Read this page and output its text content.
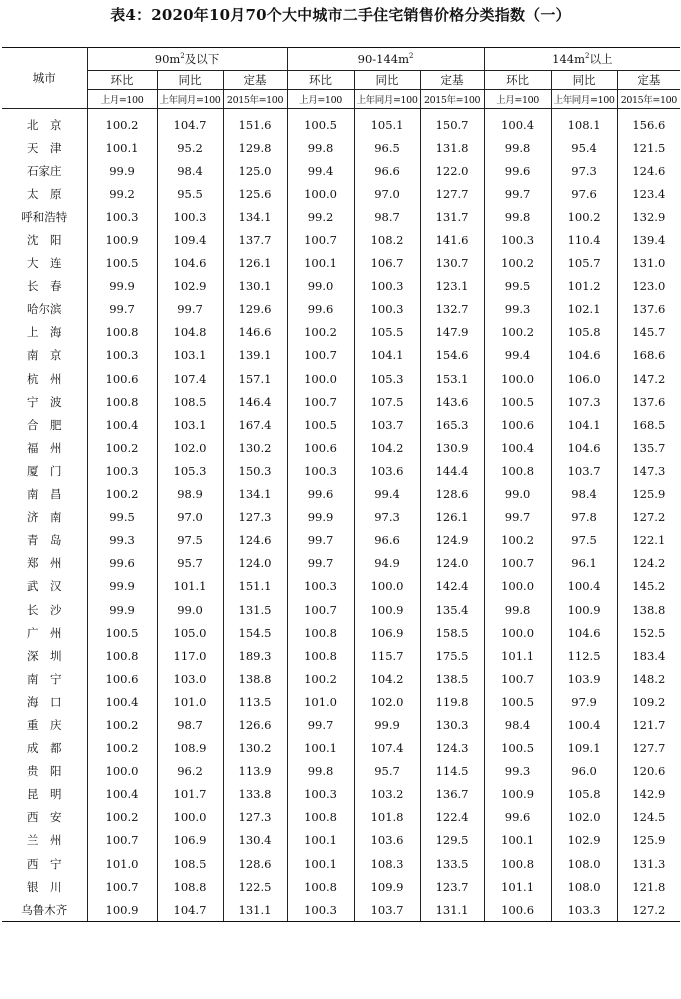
表4：2020年10月70个大中城市二手住宅销售价格分类指数（一）
城市	$90m^2$及以下			$90-144m^2$			$144m^2$以上		
	环比	同比	定基	环比	同比	定基	环比	同比	定基
	上月=100	上年同月=100	2015年=100	上月=100	上年同月=100	2015年=100	上月=100	上年同月=100	2015年=100
北　京	100.2	104.7	151.6	100.5	105.1	150.7	100.4	108.1	156.6
天　津	100.1	95.2	129.8	99.8	96.5	131.8	99.8	95.4	121.5
石家庄	99.9	98.4	125.0	99.4	96.6	122.0	99.6	97.3	124.6
太　原	99.2	95.5	125.6	100.0	97.0	127.7	99.7	97.6	123.4
呼和浩特	100.3	100.3	134.1	99.2	98.7	131.7	99.8	100.2	132.9
沈　阳	100.9	109.4	137.7	100.7	108.2	141.6	100.3	110.4	139.4
大　连	100.5	104.6	126.1	100.1	106.7	130.7	100.2	105.7	131.0
长　春	99.9	102.9	130.1	99.0	100.3	123.1	99.5	101.2	123.0
哈尔滨	99.7	99.7	129.6	99.6	100.3	132.7	99.3	102.1	137.6
上　海	100.8	104.8	146.6	100.2	105.5	147.9	100.2	105.8	145.7
南　京	100.3	103.1	139.1	100.7	104.1	154.6	99.4	104.6	168.6
杭　州	100.6	107.4	157.1	100.0	105.3	153.1	100.0	106.0	147.2
宁　波	100.8	108.5	146.4	100.7	107.5	143.6	100.5	107.3	137.6
合　肥	100.4	103.1	167.4	100.5	103.7	165.3	100.6	104.1	168.5
福　州	100.2	102.0	130.2	100.6	104.2	130.9	100.4	104.6	135.7
厦　门	100.3	105.3	150.3	100.3	103.6	144.4	100.8	103.7	147.3
南　昌	100.2	98.9	134.1	99.6	99.4	128.6	99.0	98.4	125.9
济　南	99.5	97.0	127.3	99.9	97.3	126.1	99.7	97.8	127.2
青　岛	99.3	97.5	124.6	99.7	96.6	124.9	100.2	97.5	122.1
郑　州	99.6	95.7	124.0	99.7	94.9	124.0	100.7	96.1	124.2
武　汉	99.9	101.1	151.1	100.3	100.0	142.4	100.0	100.4	145.2
长　沙	99.9	99.0	131.5	100.7	100.9	135.4	99.8	100.9	138.8
广　州	100.5	105.0	154.5	100.8	106.9	158.5	100.0	104.6	152.5
深　圳	100.8	117.0	189.3	100.8	115.7	175.5	101.1	112.5	183.4
南　宁	100.6	103.0	138.8	100.2	104.2	138.5	100.7	103.9	148.2
海　口	100.4	101.0	113.5	101.0	102.0	119.8	100.5	97.9	109.2
重　庆	100.2	98.7	126.6	99.7	99.9	130.3	98.4	100.4	121.7
成　都	100.2	108.9	130.2	100.1	107.4	124.3	100.5	109.1	127.7
贵　阳	100.0	96.2	113.9	99.8	95.7	114.5	99.3	96.0	120.6
昆　明	100.4	101.7	133.8	100.3	103.2	136.7	100.9	105.8	142.9
西　安	100.2	100.0	127.3	100.8	101.8	122.4	99.6	102.0	124.5
兰　州	100.7	106.9	130.4	100.1	103.6	129.5	100.1	102.9	125.9
西　宁	101.0	108.5	128.6	100.1	108.3	133.5	100.8	108.0	131.3
银　川	100.7	108.8	122.5	100.8	109.9	123.7	101.1	108.0	121.8
乌鲁木齐	100.9	104.7	131.1	100.3	103.7	131.1	100.6	103.3	127.2
